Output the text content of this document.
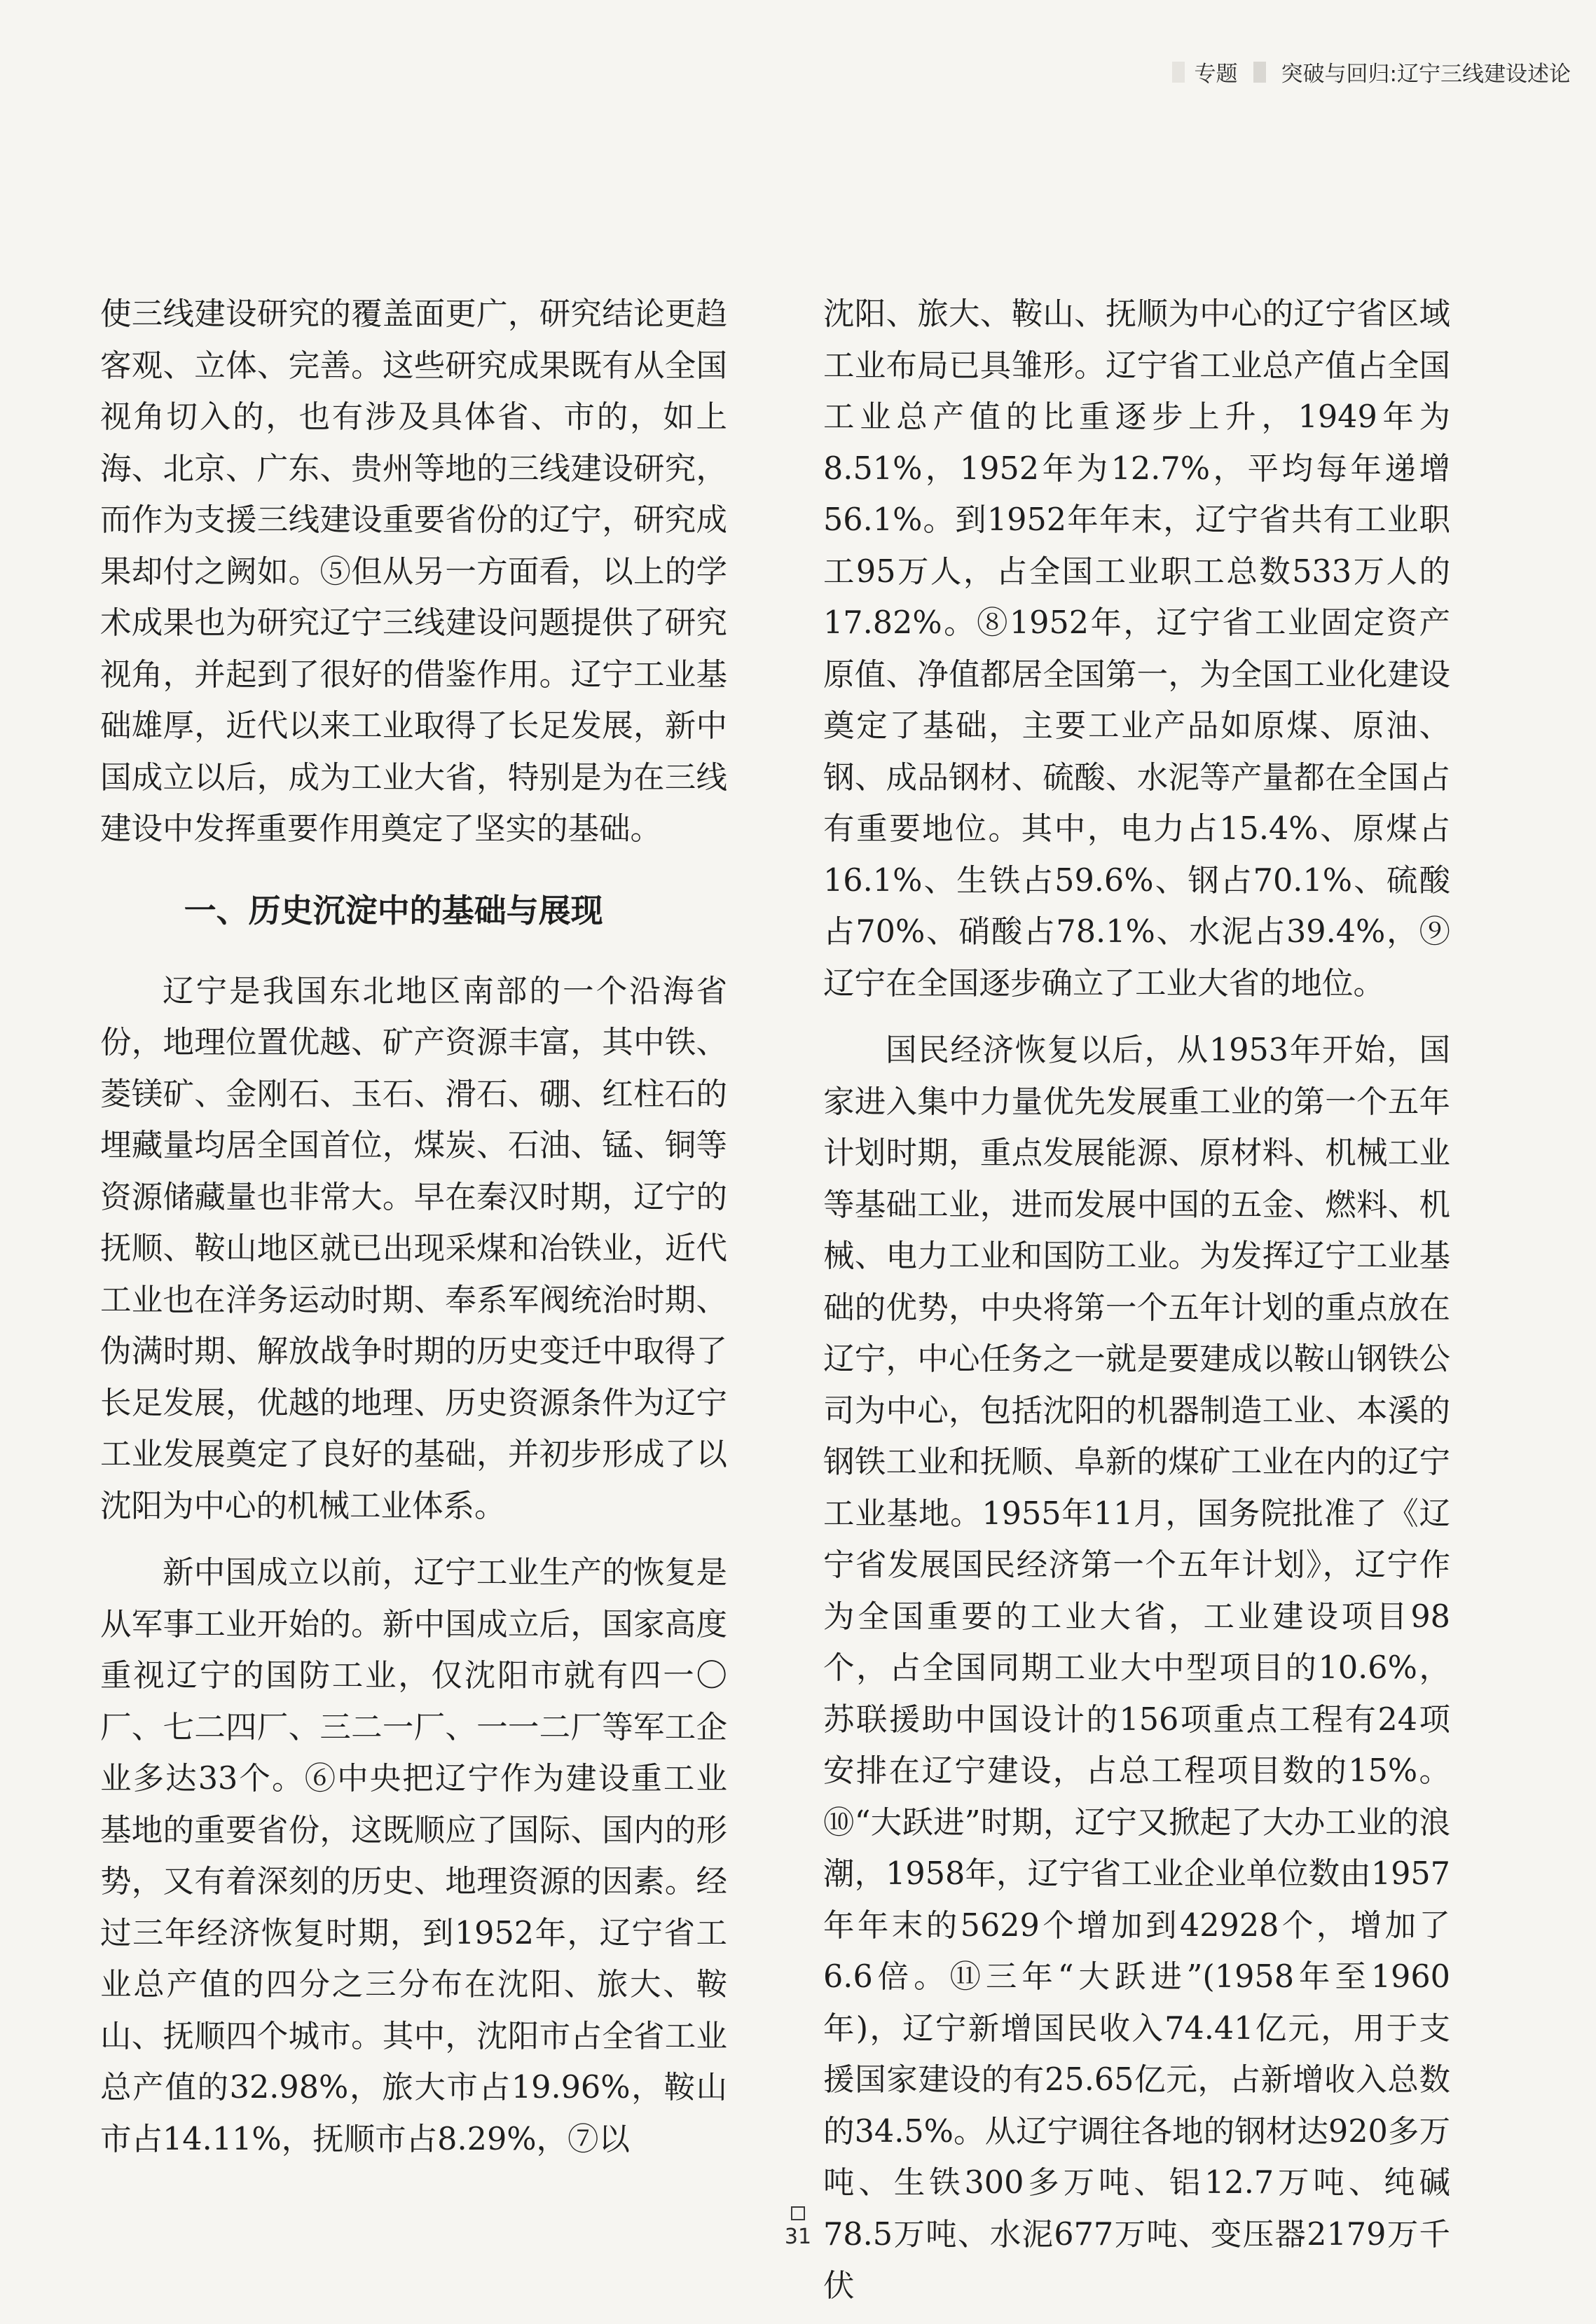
专题 突破与回归:辽宁三线建设述论

使三线建设研究的覆盖面更广，研究结论更趋客观、立体、完善。这些研究成果既有从全国视角切入的，也有涉及具体省、市的，如上海、北京、广东、贵州等地的三线建设研究，而作为支援三线建设重要省份的辽宁，研究成果却付之阙如。⑤但从另一方面看，以上的学术成果也为研究辽宁三线建设问题提供了研究视角，并起到了很好的借鉴作用。辽宁工业基础雄厚，近代以来工业取得了长足发展，新中国成立以后，成为工业大省，特别是为在三线建设中发挥重要作用奠定了坚实的基础。

一、历史沉淀中的基础与展现

辽宁是我国东北地区南部的一个沿海省份，地理位置优越、矿产资源丰富，其中铁、菱镁矿、金刚石、玉石、滑石、硼、红柱石的埋藏量均居全国首位，煤炭、石油、锰、铜等资源储藏量也非常大。早在秦汉时期，辽宁的抚顺、鞍山地区就已出现采煤和冶铁业，近代工业也在洋务运动时期、奉系军阀统治时期、伪满时期、解放战争时期的历史变迁中取得了长足发展，优越的地理、历史资源条件为辽宁工业发展奠定了良好的基础，并初步形成了以沈阳为中心的机械工业体系。

新中国成立以前，辽宁工业生产的恢复是从军事工业开始的。新中国成立后，国家高度重视辽宁的国防工业，仅沈阳市就有四一〇厂、七二四厂、三二一厂、一一二厂等军工企业多达33个。⑥中央把辽宁作为建设重工业基地的重要省份，这既顺应了国际、国内的形势，又有着深刻的历史、地理资源的因素。经过三年经济恢复时期，到1952年，辽宁省工业总产值的四分之三分布在沈阳、旅大、鞍山、抚顺四个城市。其中，沈阳市占全省工业总产值的32.98%，旅大市占19.96%，鞍山市占14.11%，抚顺市占8.29%，⑦以

沈阳、旅大、鞍山、抚顺为中心的辽宁省区域工业布局已具雏形。辽宁省工业总产值占全国工业总产值的比重逐步上升，1949年为8.51%，1952年为12.7%，平均每年递增56.1%。到1952年年末，辽宁省共有工业职工95万人，占全国工业职工总数533万人的17.82%。⑧1952年，辽宁省工业固定资产原值、净值都居全国第一，为全国工业化建设奠定了基础，主要工业产品如原煤、原油、钢、成品钢材、硫酸、水泥等产量都在全国占有重要地位。其中，电力占15.4%、原煤占16.1%、生铁占59.6%、钢占70.1%、硫酸占70%、硝酸占78.1%、水泥占39.4%，⑨辽宁在全国逐步确立了工业大省的地位。

国民经济恢复以后，从1953年开始，国家进入集中力量优先发展重工业的第一个五年计划时期，重点发展能源、原材料、机械工业等基础工业，进而发展中国的五金、燃料、机械、电力工业和国防工业。为发挥辽宁工业基础的优势，中央将第一个五年计划的重点放在辽宁，中心任务之一就是要建成以鞍山钢铁公司为中心，包括沈阳的机器制造工业、本溪的钢铁工业和抚顺、阜新的煤矿工业在内的辽宁工业基地。1955年11月，国务院批准了《辽宁省发展国民经济第一个五年计划》，辽宁作为全国重要的工业大省，工业建设项目98个，占全国同期工业大中型项目的10.6%，苏联援助中国设计的156项重点工程有24项安排在辽宁建设，占总工程项目数的15%。⑩“大跃进”时期，辽宁又掀起了大办工业的浪潮，1958年，辽宁省工业企业单位数由1957年年末的5629个增加到42928个，增加了6.6倍。⑪三年“大跃进”(1958年至1960年)，辽宁新增国民收入74.41亿元，用于支援国家建设的有25.65亿元，占新增收入总数的34.5%。从辽宁调往各地的钢材达920多万吨、生铁300多万吨、铝12.7万吨、纯碱78.5万吨、水泥677万吨、变压器2179万千伏

31
